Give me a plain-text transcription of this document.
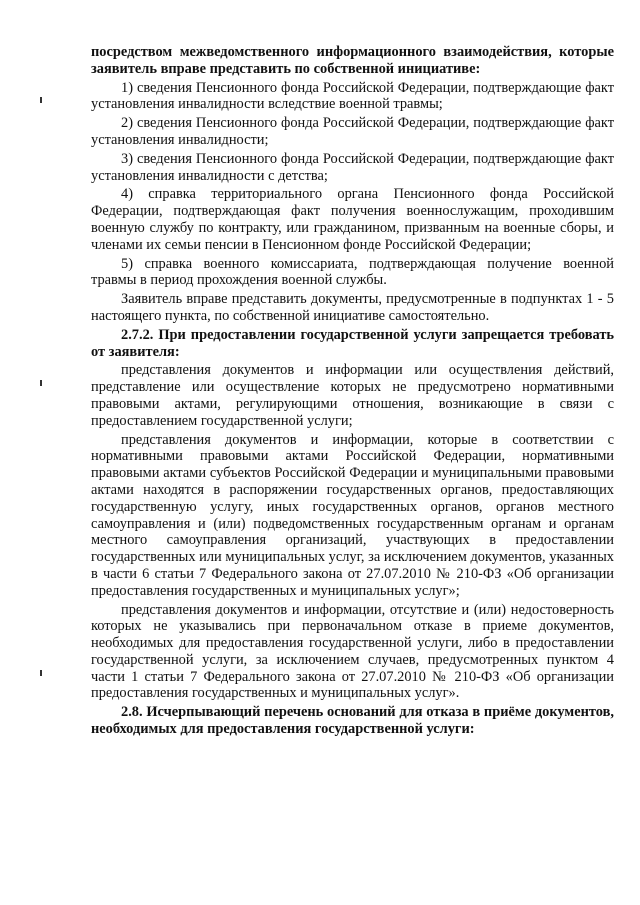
посредством межведомственного информационного взаимодействия, которые заявитель вправе представить по собственной инициативе:

1) сведения Пенсионного фонда Российской Федерации, подтверждающие факт установления инвалидности вследствие военной травмы;

2) сведения Пенсионного фонда Российской Федерации, подтверждающие факт установления инвалидности;

3) сведения Пенсионного фонда Российской Федерации, подтверждающие факт установления инвалидности с детства;

4) справка территориального органа Пенсионного фонда Российской Федерации, подтверждающая факт получения военнослужащим, проходившим военную службу по контракту, или гражданином, призванным на военные сборы, и членами их семьи пенсии в Пенсионном фонде Российской Федерации;

5) справка военного комиссариата, подтверждающая получение военной травмы в период прохождения военной службы.

Заявитель вправе представить документы, предусмотренные в подпунктах 1 - 5 настоящего пункта, по собственной инициативе самостоятельно.

2.7.2. При предоставлении государственной услуги запрещается требовать от заявителя:

представления документов и информации или осуществления действий, представление или осуществление которых не предусмотрено нормативными правовыми актами, регулирующими отношения, возникающие в связи с предоставлением государственной услуги;

представления документов и информации, которые в соответствии с нормативными правовыми актами Российской Федерации, нормативными правовыми актами субъектов Российской Федерации и муниципальными правовыми актами находятся в распоряжении государственных органов, предоставляющих государственную услугу, иных государственных органов, органов местного самоуправления и (или) подведомственных государственным органам и органам местного самоуправления организаций, участвующих в предоставлении государственных или муниципальных услуг, за исключением документов, указанных в части 6 статьи 7 Федерального закона от 27.07.2010 № 210-ФЗ «Об организации предоставления государственных и муниципальных услуг»;

представления документов и информации, отсутствие и (или) недостоверность которых не указывались при первоначальном отказе в приеме документов, необходимых для предоставления государственной услуги, либо в предоставлении государственной услуги, за исключением случаев, предусмотренных пунктом 4 части 1 статьи 7 Федерального закона от 27.07.2010 № 210-ФЗ «Об организации предоставления государственных и муниципальных услуг».

2.8. Исчерпывающий перечень оснований для отказа в приёме документов, необходимых для предоставления государственной услуги:
